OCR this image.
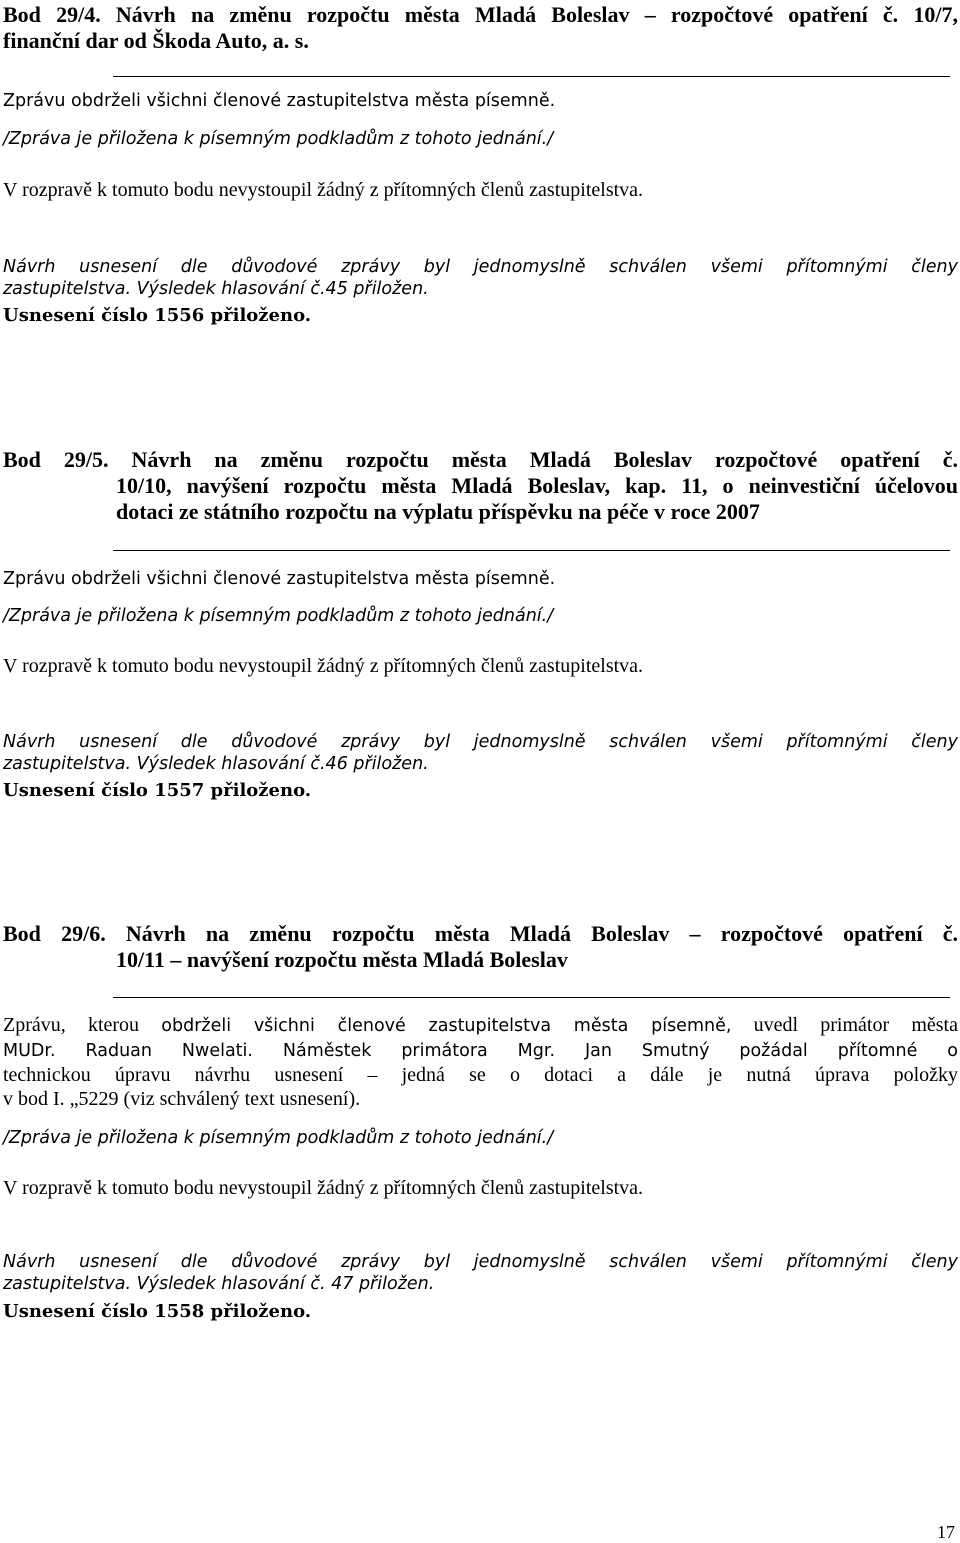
Bod 29/4. Návrh na změnu rozpočtu města Mladá Boleslav – rozpočtové opatření č. 10/7,
finanční dar od Škoda Auto, a. s.
Zprávu obdrželi všichni členové zastupitelstva města písemně.
/Zpráva je přiložena k písemným podkladům z tohoto jednání./
V rozpravě k tomuto bodu nevystoupil žádný z přítomných členů zastupitelstva.
Návrh usnesení dle důvodové zprávy byl jednomyslně schválen všemi přítomnými členy
zastupitelstva. Výsledek hlasování č.45 přiložen.
Usnesení číslo 1556 přiloženo.
Bod 29/5. Návrh na změnu rozpočtu města Mladá Boleslav rozpočtové opatření č.
10/10, navýšení rozpočtu města Mladá Boleslav, kap. 11, o neinvestiční účelovou
dotaci ze státního rozpočtu na výplatu příspěvku na péče v roce 2007
Zprávu obdrželi všichni členové zastupitelstva města písemně.
/Zpráva je přiložena k písemným podkladům z tohoto jednání./
V rozpravě k tomuto bodu nevystoupil žádný z přítomných členů zastupitelstva.
Návrh usnesení dle důvodové zprávy byl jednomyslně schválen všemi přítomnými členy
zastupitelstva. Výsledek hlasování č.46 přiložen.
Usnesení číslo 1557 přiloženo.
Bod 29/6. Návrh na změnu rozpočtu města Mladá Boleslav – rozpočtové opatření č.
10/11 – navýšení rozpočtu města Mladá Boleslav
Zprávu, kterou obdrželi všichni členové zastupitelstva města písemně, uvedl primátor města
MUDr. Raduan Nwelati. Náměstek primátora Mgr. Jan Smutný požádal přítomné o
technickou úpravu návrhu usnesení – jedná se o dotaci a dále je nutná úprava položky
v bod I. „5229 (viz schválený text usnesení).
/Zpráva je přiložena k písemným podkladům z tohoto jednání./
V rozpravě k tomuto bodu nevystoupil žádný z přítomných členů zastupitelstva.
Návrh usnesení dle důvodové zprávy byl jednomyslně schválen všemi přítomnými členy
zastupitelstva. Výsledek hlasování č. 47 přiložen.
Usnesení číslo 1558 přiloženo.
17
